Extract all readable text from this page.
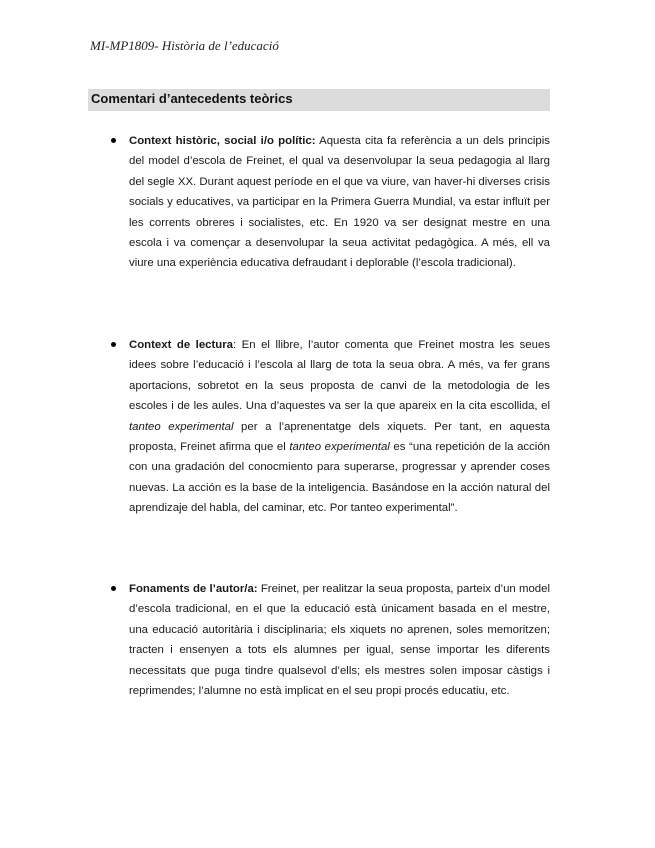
MI-MP1809- Història de l’educació
Comentari d’antecedents teòrics

Context històric, social i/o polític: Aquesta cita fa referència a un dels principis del model d’escola de Freinet, el qual va desenvolupar la seua pedagogia al llarg del segle XX. Durant aquest període en el que va viure, van haver-hi diverses crisis socials y educatives, va participar en la Primera Guerra Mundial, va estar influït per les corrents obreres i socialistes, etc. En 1920 va ser designat mestre en una escola i va començar a desenvolupar la seua activitat pedagògica. A més, ell va viure una experiència educativa defraudant i deplorable (l’escola tradicional).

Context de lectura: En el llibre, l’autor comenta que Freinet mostra les seues idees sobre l’educació i l’escola al llarg de tota la seua obra. A més, va fer grans aportacions, sobretot en la seus proposta de canvi de la metodologia de les escoles i de les aules. Una d’aquestes va ser la que apareix en la cita escollida, el tanteo experimental per a l’aprenentatge dels xiquets. Per tant, en aquesta proposta, Freinet afirma que el tanteo experimental es “una repetición de la acción con una gradación del conocmiento para superarse, progressar y aprender coses nuevas. La acción es la base de la inteligencia. Basándose en la acción natural del aprendizaje del habla, del caminar, etc. Por tanteo experimental”.

Fonaments de l’autor/a: Freinet, per realitzar la seua proposta, parteix d’un model d’escola tradicional, en el que la educació està únicament basada en el mestre, una educació autoritària i disciplinaria; els xiquets no aprenen, soles memoritzen; tracten i ensenyen a tots els alumnes per igual, sense importar les diferents necessitats que puga tindre qualsevol d’ells; els mestres solen imposar càstigs i reprimendes; l’alumne no està implicat en el seu propi procés educatiu, etc.
